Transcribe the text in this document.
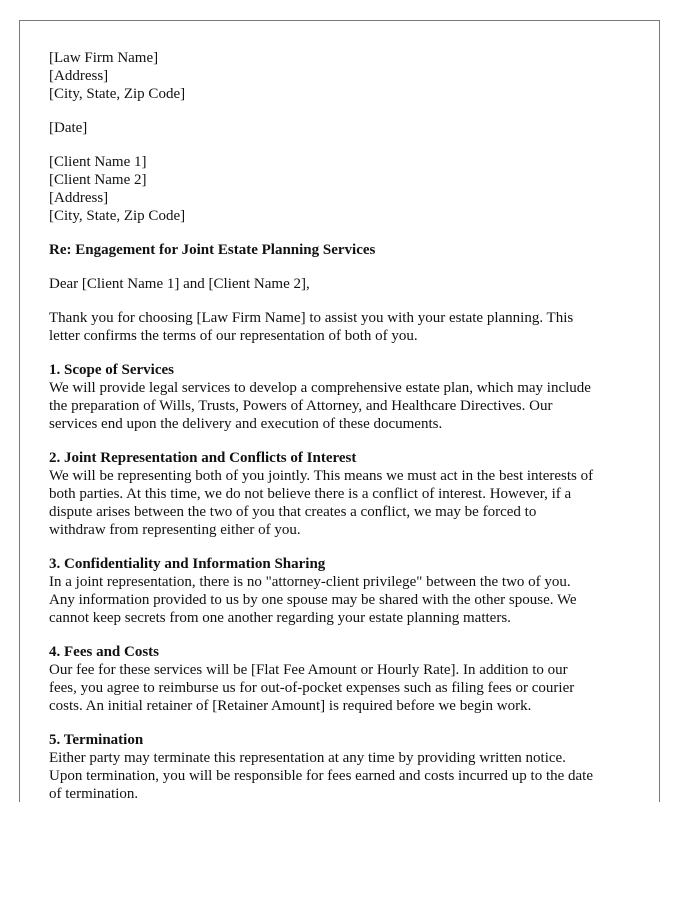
[Law Firm Name]
[Address]
[City, State, Zip Code]
[Date]
[Client Name 1]
[Client Name 2]
[Address]
[City, State, Zip Code]
Re: Engagement for Joint Estate Planning Services
Dear [Client Name 1] and [Client Name 2],
Thank you for choosing [Law Firm Name] to assist you with your estate planning. This
letter confirms the terms of our representation of both of you.
1. Scope of Services
We will provide legal services to develop a comprehensive estate plan, which may include
the preparation of Wills, Trusts, Powers of Attorney, and Healthcare Directives. Our
services end upon the delivery and execution of these documents.
2. Joint Representation and Conflicts of Interest
We will be representing both of you jointly. This means we must act in the best interests of
both parties. At this time, we do not believe there is a conflict of interest. However, if a
dispute arises between the two of you that creates a conflict, we may be forced to
withdraw from representing either of you.
3. Confidentiality and Information Sharing
In a joint representation, there is no "attorney-client privilege" between the two of you.
Any information provided to us by one spouse may be shared with the other spouse. We
cannot keep secrets from one another regarding your estate planning matters.
4. Fees and Costs
Our fee for these services will be [Flat Fee Amount or Hourly Rate]. In addition to our
fees, you agree to reimburse us for out-of-pocket expenses such as filing fees or courier
costs. An initial retainer of [Retainer Amount] is required before we begin work.
5. Termination
Either party may terminate this representation at any time by providing written notice.
Upon termination, you will be responsible for fees earned and costs incurred up to the date
of termination.
